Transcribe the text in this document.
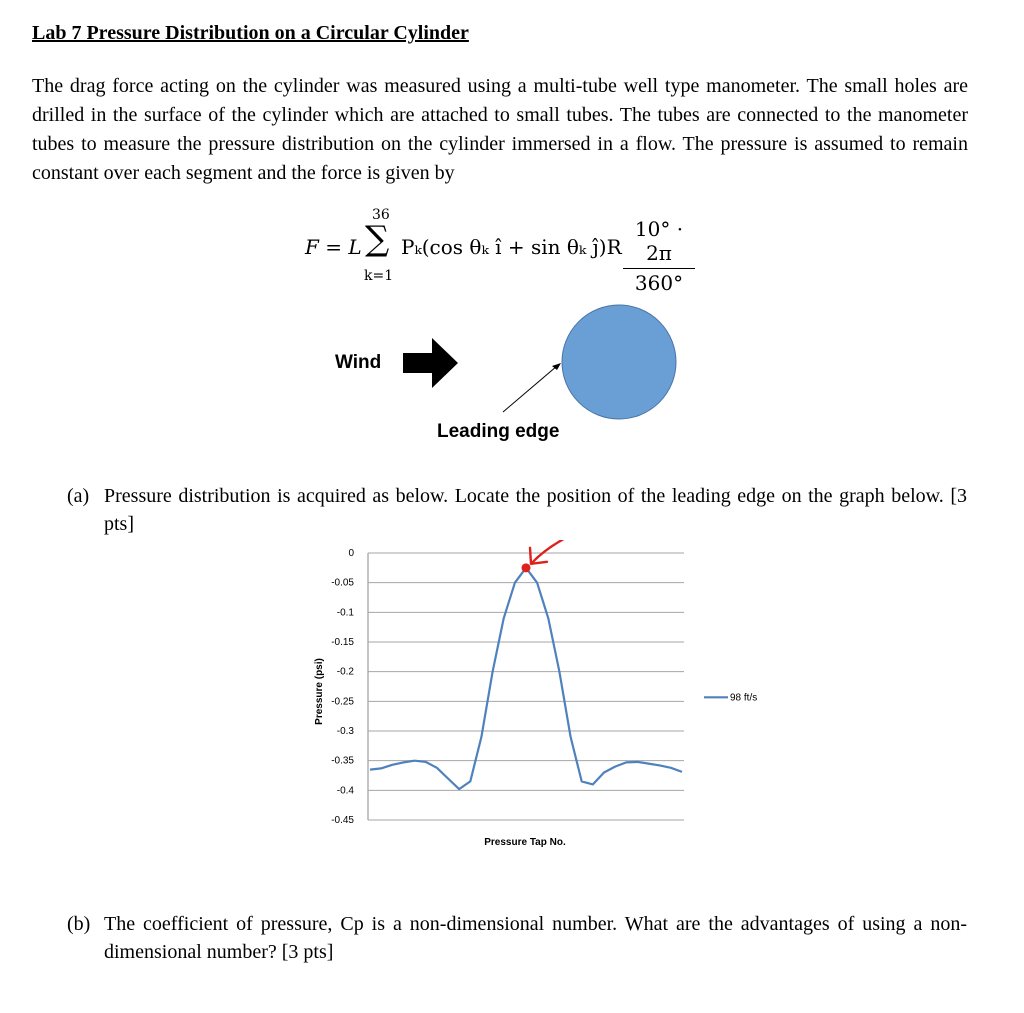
Lab 7 Pressure Distribution on a Circular Cylinder
The drag force acting on the cylinder was measured using a multi-tube well type manometer. The small holes are drilled in the surface of the cylinder which are attached to small tubes. The tubes are connected to the manometer tubes to measure the pressure distribution on the cylinder immersed in a flow. The pressure is assumed to remain constant over each segment and the force is given by
F = L
36
∑
k=1
Pₖ(cos θₖ î + sin θₖ ĵ)R $\frac{10^\circ \cdot 2\pi}{360^\circ}$
Wind
Leading edge
(a) Pressure distribution is acquired as below. Locate the position of the leading edge on the graph below. [3 pts]
Pressure (psi)
Pressure Tap No.
0
-0.05
-0.1
-0.15
-0.2
-0.25
-0.3
-0.35
-0.4
-0.45
98 ft/s
(b) The coefficient of pressure, Cp is a non-dimensional number. What are the advantages of using a non-dimensional number? [3 pts]
